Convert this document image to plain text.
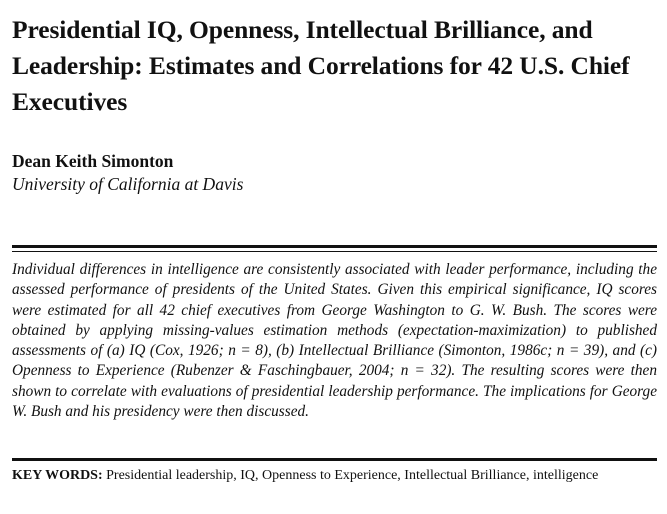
Presidential IQ, Openness, Intellectual Brilliance, and Leadership: Estimates and Correlations for 42 U.S. Chief Executives

Dean Keith Simonton

University of California at Davis

Individual differences in intelligence are consistently associated with leader performance, including the assessed performance of presidents of the United States. Given this empirical significance, IQ scores were estimated for all 42 chief executives from George Washington to G. W. Bush. The scores were obtained by applying missing-values estimation methods (expectation-maximization) to published assessments of (a) IQ (Cox, 1926; n = 8), (b) Intellectual Brilliance (Simonton, 1986c; n = 39), and (c) Openness to Experience (Rubenzer & Faschingbauer, 2004; n = 32). The resulting scores were then shown to correlate with evaluations of presidential leadership performance. The implications for George W. Bush and his presidency were then discussed.

KEY WORDS: Presidential leadership, IQ, Openness to Experience, Intellectual Brilliance, intelligence
